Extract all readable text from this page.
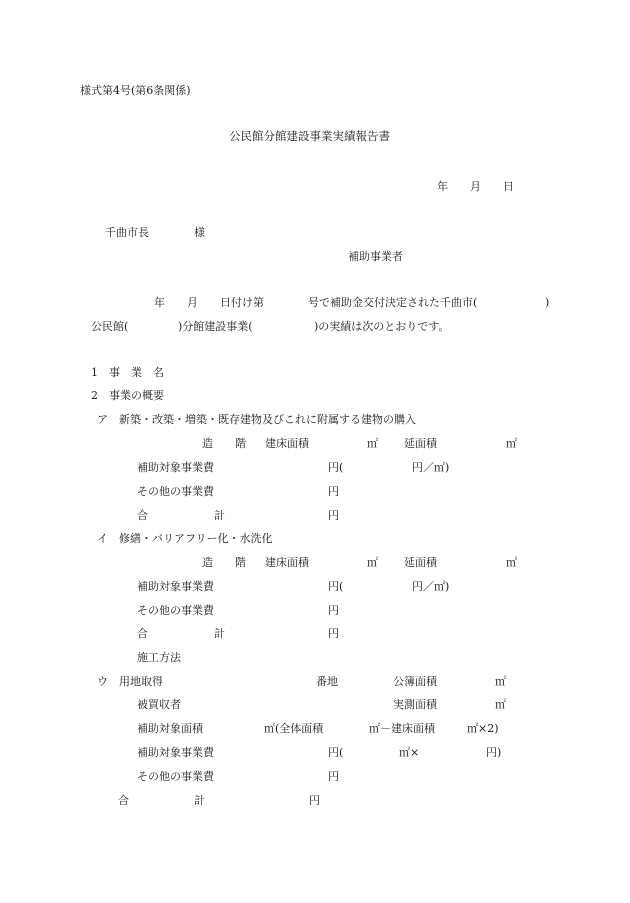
様式第4号(第6条関係)
公民館分館建設事業実績報告書
年　　月　　日
千曲市長	様
補助事業者
年　　月　　日付け第	号で補助金交付決定された千曲市(	)
公民館(	)分館建設事業(	)の実績は次のとおりです。
1　事　業　名
2　事業の概要
ア　新築・改築・増築・既存建物及びこれに附属する建物の購入
造　　階 建床面積	㎡ 延面積	㎡
補助対象事業費	円(	円／㎡)
その他の事業費	円
合	計	円
イ　修繕・バリアフリー化・水洗化
造　　階 建床面積	㎡ 延面積	㎡
補助対象事業費	円(	円／㎡)
その他の事業費	円
合	計	円
施工方法
ウ　用地取得	番地	公簿面積	㎡
被買収者	実測面積	㎡
補助対象面積	㎡(全体面積	㎡－建床面積	㎡×2)
補助対象事業費	円(	㎡×	円)
その他の事業費	円
合	計	円
